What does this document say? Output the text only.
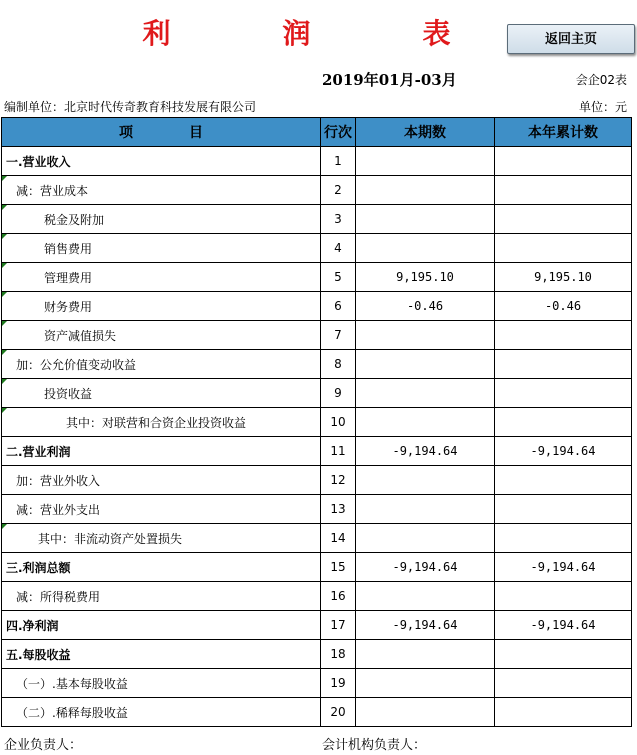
利　润　表	返回主页
2019年01月-03月	会企02表
编制单位：北京时代传奇教育科技发展有限公司	单位：元
项　　　　目	行次	本期数	本年累计数
一.营业收入	1		

减：营业成本	2		

税金及附加	3		

销售费用	4		

管理费用	5	9,195.10	9,195.10

财务费用	6	-0.46	-0.46

资产减值损失	7		

加：公允价值变动收益	8		

投资收益	9		

其中：对联营和合资企业投资收益	10		
二.营业利润	11	-9,194.64	-9,194.64
加：营业外收入	12		
减：营业外支出	13		

其中：非流动资产处置损失	14		
三.利润总额	15	-9,194.64	-9,194.64
减：所得税费用	16		
四.净利润	17	-9,194.64	-9,194.64
五.每股收益	18		
（一）.基本每股收益	19		
（二）.稀释每股收益	20		
企业负责人：	会计机构负责人：
